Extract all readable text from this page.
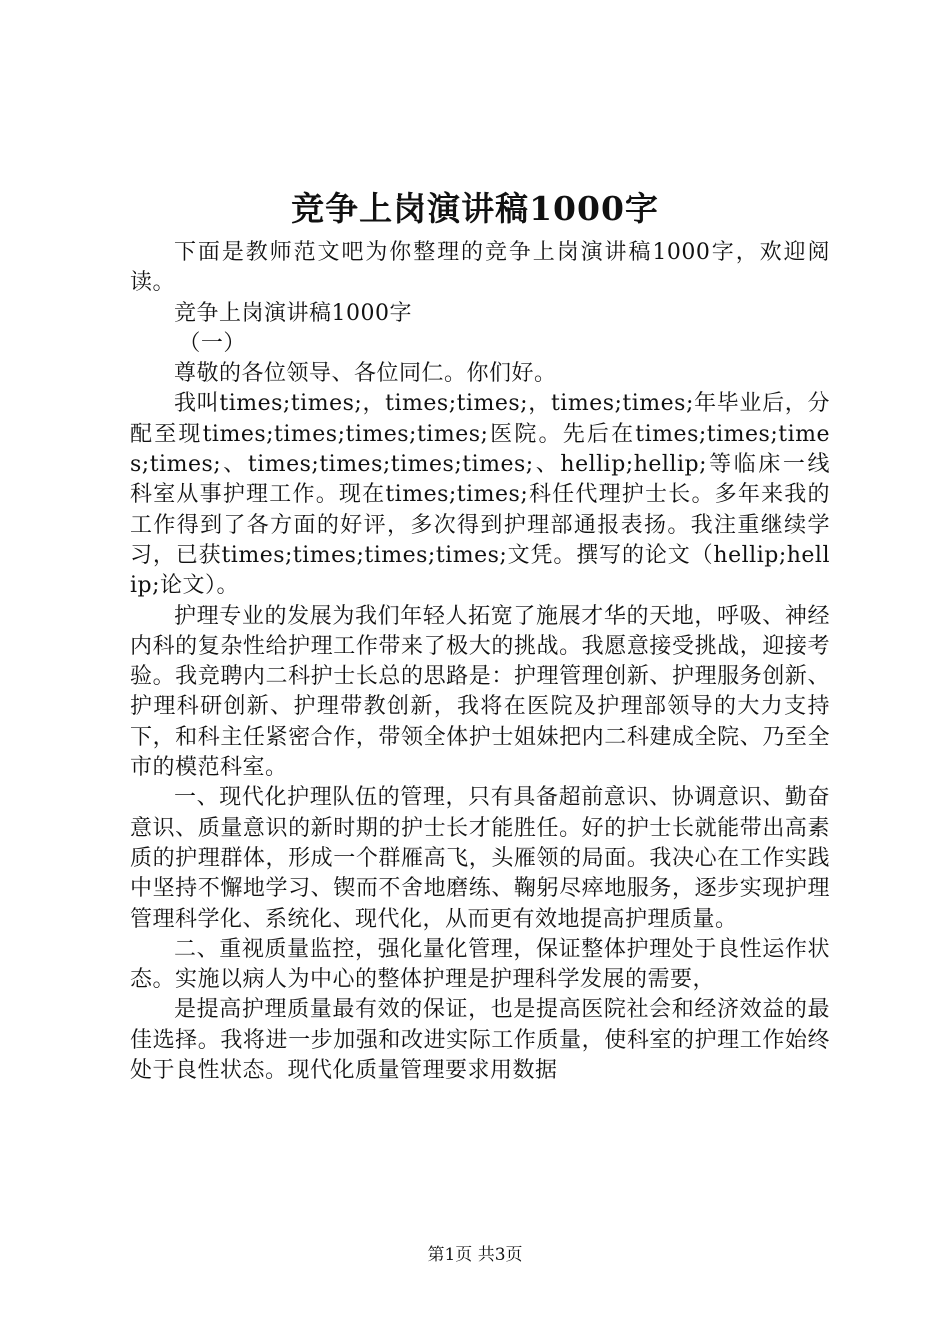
竞争上岗演讲稿1000字

下面是教师范文吧为你整理的竞争上岗演讲稿1000字，欢迎阅读。

竞争上岗演讲稿1000字

（一）

尊敬的各位领导、各位同仁。你们好。

我叫times;times;，times;times;，times;times;年毕业后，分配至现times;times;times;times;医院。先后在times;times;times;times;、times;times;times;times;、hellip;hellip;等临床一线科室从事护理工作。现在times;times;科任代理护士长。多年来我的工作得到了各方面的好评，多次得到护理部通报表扬。我注重继续学习，已获times;times;times;times;文凭。撰写的论文（hellip;hellip;论文）。

护理专业的发展为我们年轻人拓宽了施展才华的天地，呼吸、神经内科的复杂性给护理工作带来了极大的挑战。我愿意接受挑战，迎接考验。我竞聘内二科护士长总的思路是：护理管理创新、护理服务创新、护理科研创新、护理带教创新，我将在医院及护理部领导的大力支持下，和科主任紧密合作，带领全体护士姐妹把内二科建成全院、乃至全市的模范科室。

一、现代化护理队伍的管理，只有具备超前意识、协调意识、勤奋意识、质量意识的新时期的护士长才能胜任。好的护士长就能带出高素质的护理群体，形成一个群雁高飞，头雁领的局面。我决心在工作实践中坚持不懈地学习、锲而不舍地磨练、鞠躬尽瘁地服务，逐步实现护理管理科学化、系统化、现代化，从而更有效地提高护理质量。

二、重视质量监控，强化量化管理，保证整体护理处于良性运作状态。实施以病人为中心的整体护理是护理科学发展的需要，

是提高护理质量最有效的保证，也是提高医院社会和经济效益的最佳选择。我将进一步加强和改进实际工作质量，使科室的护理工作始终处于良性状态。现代化质量管理要求用数据

第1页 共3页
